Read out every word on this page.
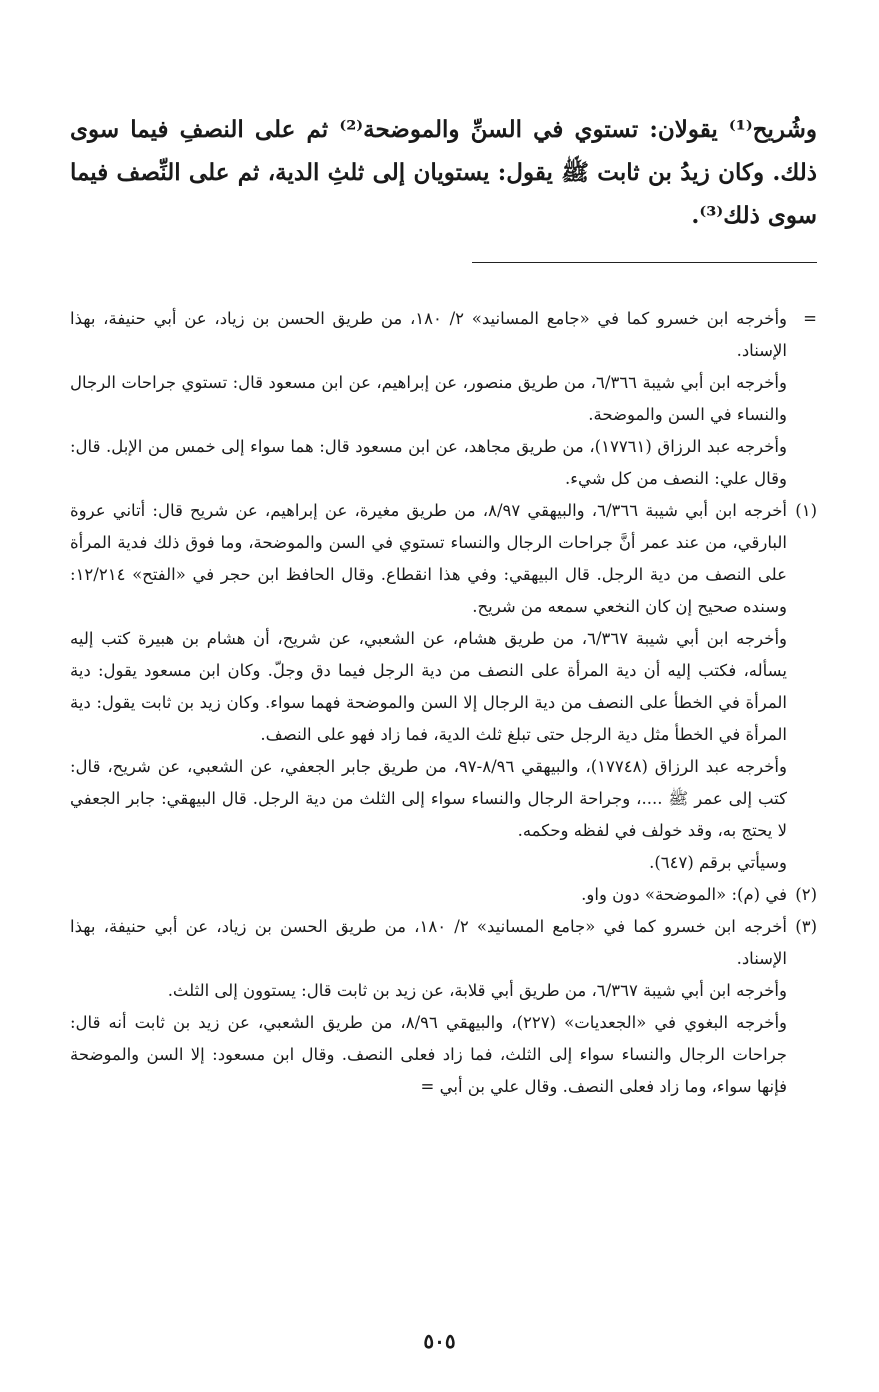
وشُريح⁽¹⁾ يقولان: تستوي في السنِّ والموضحة⁽²⁾ ثم على النصفِ فيما سوى ذلك. وكان زيدُ بن ثابت ﷺ يقول: يستويان إلى ثلثِ الدية، ثم على النِّصف فيما سوى ذلك⁽³⁾.

=
وأخرجه ابن خسرو كما في «جامع المسانيد» ٢/ ١٨٠، من طريق الحسن بن زياد، عن أبي حنيفة، بهذا الإسناد.

وأخرجه ابن أبي شيبة ٦/٣٦٦، من طريق منصور، عن إبراهيم، عن ابن مسعود قال: تستوي جراحات الرجال والنساء في السن والموضحة.

وأخرجه عبد الرزاق (١٧٧٦١)، من طريق مجاهد، عن ابن مسعود قال: هما سواء إلى خمس من الإبل. قال: وقال علي: النصف من كل شيء.

(١)
أخرجه ابن أبي شيبة ٦/٣٦٦، والبيهقي ٨/٩٧، من طريق مغيرة، عن إبراهيم، عن شريح قال: أتاني عروة البارقي، من عند عمر أنَّ جراحات الرجال والنساء تستوي في السن والموضحة، وما فوق ذلك فدية المرأة على النصف من دية الرجل. قال البيهقي: وفي هذا انقطاع. وقال الحافظ ابن حجر في «الفتح» ١٢/٢١٤: وسنده صحيح إن كان النخعي سمعه من شريح.

وأخرجه ابن أبي شيبة ٦/٣٦٧، من طريق هشام، عن الشعبي، عن شريح، أن هشام بن هبيرة كتب إليه يسأله، فكتب إليه أن دية المرأة على النصف من دية الرجل فيما دق وجلّ. وكان ابن مسعود يقول: دية المرأة في الخطأ على النصف من دية الرجال إلا السن والموضحة فهما سواء. وكان زيد بن ثابت يقول: دية المرأة في الخطأ مثل دية الرجل حتى تبلغ ثلث الدية، فما زاد فهو على النصف.

وأخرجه عبد الرزاق (١٧٧٤٨)، والبيهقي ٨/٩٦-٩٧، من طريق جابر الجعفي، عن الشعبي، عن شريح، قال: كتب إلى عمر ﷺ ....، وجراحة الرجال والنساء سواء إلى الثلث من دية الرجل. قال البيهقي: جابر الجعفي لا يحتج به، وقد خولف في لفظه وحكمه.

وسيأتي برقم (٦٤٧).

(٢)
في (م): «الموضحة» دون واو.

(٣)
أخرجه ابن خسرو كما في «جامع المسانيد» ٢/ ١٨٠، من طريق الحسن بن زياد، عن أبي حنيفة، بهذا الإسناد.

وأخرجه ابن أبي شيبة ٦/٣٦٧، من طريق أبي قلابة، عن زيد بن ثابت قال: يستوون إلى الثلث.

وأخرجه البغوي في «الجعديات» (٢٢٧)، والبيهقي ٨/٩٦، من طريق الشعبي، عن زيد بن ثابت أنه قال: جراحات الرجال والنساء سواء إلى الثلث، فما زاد فعلى النصف. وقال ابن مسعود: إلا السن والموضحة فإنها سواء، وما زاد فعلى النصف. وقال علي بن أبي =

٥٠٥
